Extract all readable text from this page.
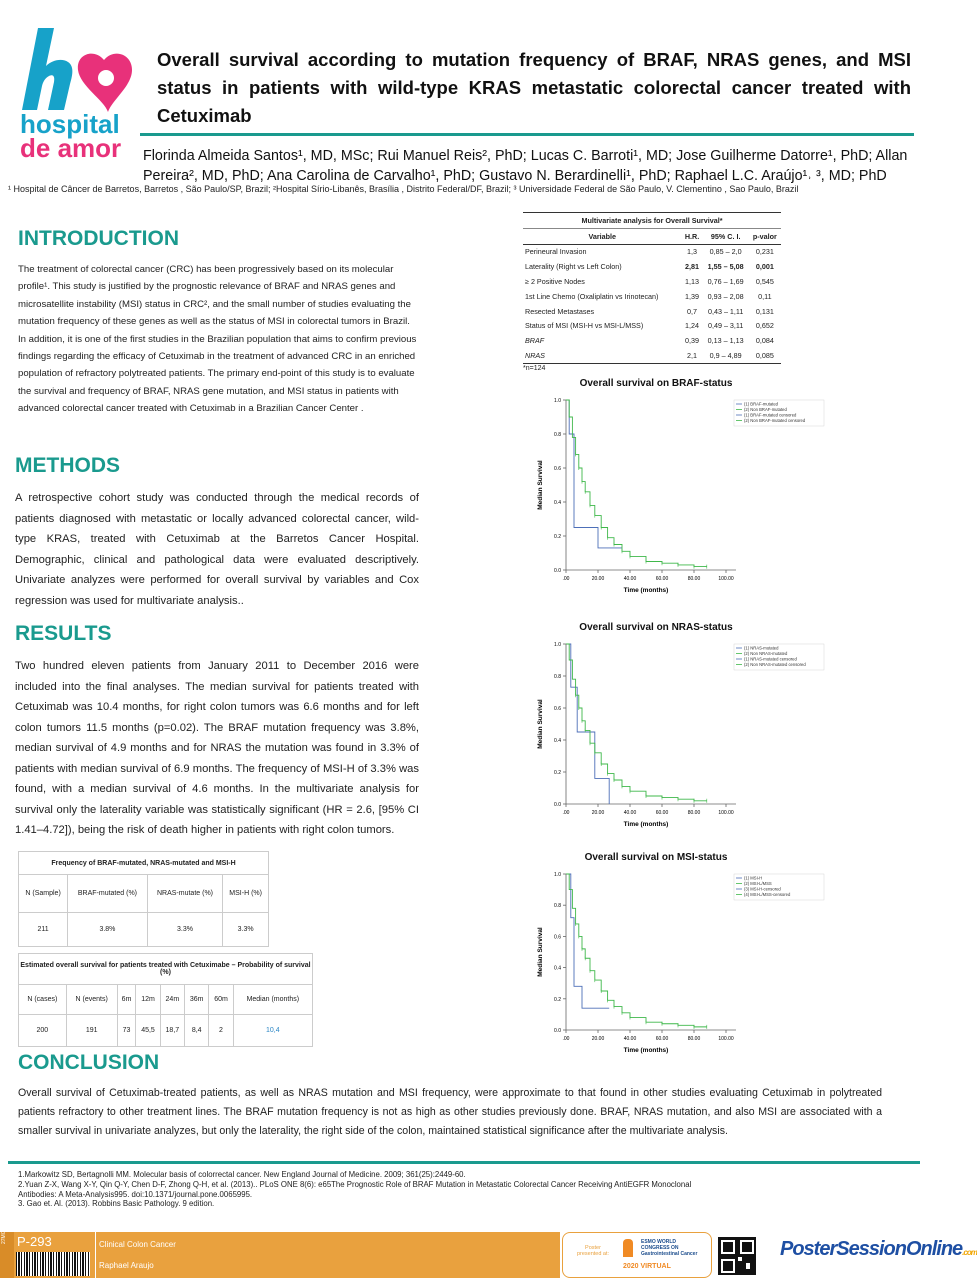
hospital
de amor
Overall survival according to mutation frequency of BRAF, NRAS genes, and MSI status in patients with wild-type KRAS metastatic colorectal cancer treated with Cetuximab
Florinda Almeida Santos¹, MD, MSc; Rui Manuel Reis², PhD; Lucas C. Barroti¹, MD; Jose Guilherme Datorre¹, PhD; Allan Pereira², MD, PhD; Ana Carolina de Carvalho¹, PhD; Gustavo N. Berardinelli¹, PhD; Raphael L.C. Araújo¹˒ ³, MD; PhD
¹ Hospital de Câncer de Barretos, Barretos , São Paulo/SP, Brazil; ²Hospital Sírio-Libanês, Brasília , Distrito Federal/DF, Brazil; ³ Universidade Federal de São Paulo, V. Clementino , Sao Paulo, Brazil
INTRODUCTION
The treatment of colorectal cancer (CRC) has been progressively based on its molecular profile¹. This study is justified by the prognostic relevance of BRAF and NRAS genes and microsatellite instability (MSI) status in CRC², and the small number of studies evaluating the mutation frequency of these genes as well as the status of MSI in colorectal tumors in Brazil. In addition, it is one of the first studies in the Brazilian population that aims to confirm previous findings regarding the efficacy of Cetuximab in the treatment of advanced CRC in an enriched population of refractory polytreated patients. The primary end-point of this study is to evaluate the survival and frequency of BRAF, NRAS gene mutation, and MSI status in patients with advanced colorectal cancer treated with Cetuximab in a Brazilian Cancer Center .
METHODS
A retrospective cohort study was conducted through the medical records of patients diagnosed with metastatic or locally advanced colorectal cancer, wild-type KRAS, treated with Cetuximab at the Barretos Cancer Hospital. Demographic, clinical and pathological data were evaluated descriptively. Univariate analyzes were performed for overall survival by variables and Cox regression was used for multivariate analysis..
RESULTS
Two hundred eleven patients from January 2011 to December 2016 were included into the final analyses. The median survival for patients treated with Cetuximab was 10.4 months, for right colon tumors was 6.6 months and for left colon tumors 11.5 months (p=0.02). The BRAF mutation frequency was 3.8%, median survival of 4.9 months and for NRAS the mutation was found in 3.3% of patients with median survival of 6.9 months. The frequency of MSI-H of 3.3% was found, with a median survival of 4.6 months. In the multivariate analysis for survival only the laterality variable was statistically significant (HR = 2.6, [95% CI 1.41–4.72]), being the risk of death higher in patients with right colon tumors.
Multivariate analysis for Overall Survival*			
Variable	H.R.	95% C. I.	p-valor
Perineural Invasion	1,3	0,85 – 2,0	0,231
Laterality (Right vs Left Colon)	2,81	1,55 – 5,08	0,001
≥ 2 Positive Nodes	1,13	0,76 – 1,69	0,545
1st Line Chemo (Oxaliplatin vs Irinotecan)	1,39	0,93 – 2,08	0,11
Resected Metastases	0,7	0,43 – 1,11	0,131
Status of MSI (MSI-H vs MSI-L/MSS)	1,24	0,49 – 3,11	0,652
BRAF	0,39	0,13 – 1,13	0,084
NRAS	2,1	0,9 – 4,89	0,085
*n=124
Frequency of BRAF-mutated, NRAS-mutated and MSI-H			
N (Sample)	BRAF-mutated (%)	NRAS-mutate (%)	MSI-H (%)
211	3.8%	3.3%	3.3%
Estimated overall survival for patients treated with Cetuximabe – Probability of survival (%)							
N (cases)	N (events)	6m	12m	24m	36m	60m	Median (months)
200	191	73	45,5	18,7	8,4	2	10,4
Overall survival on BRAF-status
0.0
0.2
0.4
0.6
0.8
1.0
.00	20.00	40.00	60.00	80.00	100.00
Time (months)
Median Survival
(1) BRAF-mutated
(2) Non BRAF-mutated
(1) BRAF-mutated censored
(2) Non BRAF-mutated censored
Overall survival on NRAS-status
0.0
0.2
0.4
0.6
0.8
1.0
.00	20.00	40.00	60.00	80.00	100.00
Time (months)
Median Survival
(1) NRAS-mutated
(2) Non NRAS-mutated
(1) NRAS-mutated censored
(2) Non NRAS-mutated censored
Overall survival on MSI-status
0.0
0.2
0.4
0.6
0.8
1.0
.00	20.00	40.00	60.00	80.00	100.00
Time (months)
Median Survival
(1) MSI-H
(2) MSI-L/MSS
(3) MSI-H-censored
(4) MSI-L/MSS-censored
CONCLUSION
Overall survival of Cetuximab-treated patients, as well as NRAS mutation and MSI frequency, were approximate to that found in other studies evaluating Cetuximab in polytreated patients refractory to other treatment lines. The BRAF mutation frequency is not as high as other studies previously done. BRAF, NRAS mutation, and also MSI are associated with a smaller survival in univariate analyzes, but only the laterality, the right side of the colon, maintained statistical significance after the multivariate analysis.
1.Markowitz SD, Bertagnolli MM. Molecular basis of colorrectal cancer. New England Journal of Medicine. 2009; 361(25):2449-60.
2.Yuan Z-X, Wang X-Y, Qin Q-Y, Chen D-F, Zhong Q-H, et al. (2013).. PLoS ONE 8(6): e65The Prognostic Role of BRAF Mutation in Metastatic Colorectal Cancer Receiving AntiEGFR Monoclonal Antibodies: A Meta-Analysis995. doi:10.1371/journal.pone.0065995.
3. Gao et. Al. (2013). Robbins Basic Pathology. 9 edition.
27MG9C P-293	Clinical Colon Cancer
Raphael Araujo
Poster presented at:
ESMO WORLD CONGRESS ON Gastrointestinal Cancer
2020 VIRTUAL
PosterSessionOnline.com
